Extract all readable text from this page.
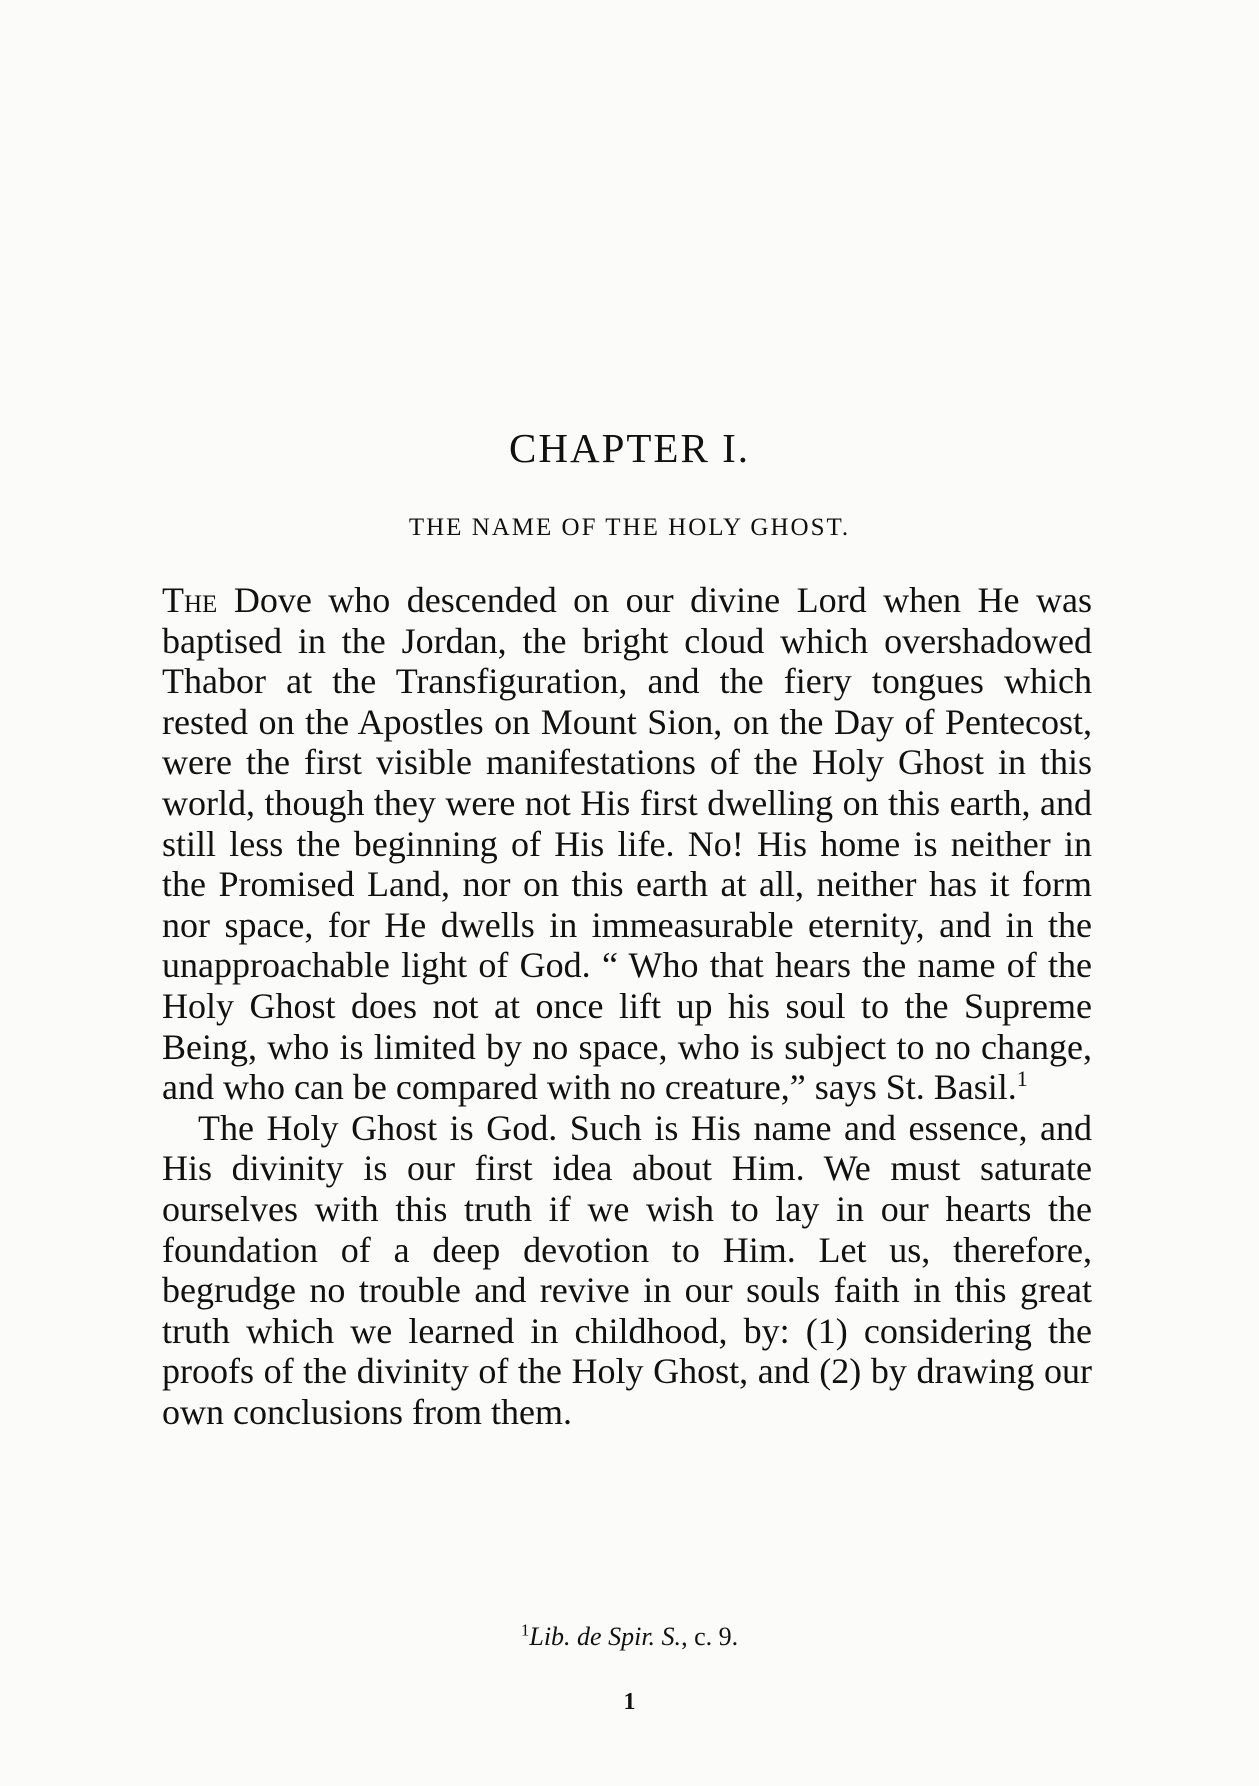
CHAPTER I.
THE NAME OF THE HOLY GHOST.

The Dove who descended on our divine Lord when He was baptised in the Jordan, the bright cloud which overshadowed Thabor at the Transfiguration, and the fiery tongues which rested on the Apostles on Mount Sion, on the Day of Pentecost, were the first visible manifestations of the Holy Ghost in this world, though they were not His first dwelling on this earth, and still less the beginning of His life. No! His home is neither in the Promised Land, nor on this earth at all, neither has it form nor space, for He dwells in immeasurable eternity, and in the unapproachable light of God. “ Who that hears the name of the Holy Ghost does not at once lift up his soul to the Supreme Being, who is limited by no space, who is subject to no change, and who can be compared with no creature,” says St. Basil.$^1$

The Holy Ghost is God. Such is His name and essence, and His divinity is our first idea about Him. We must saturate ourselves with this truth if we wish to lay in our hearts the foundation of a deep devotion to Him. Let us, therefore, begrudge no trouble and revive in our souls faith in this great truth which we learned in childhood, by: (1) considering the proofs of the divinity of the Holy Ghost, and (2) by drawing our own conclusions from them.

$^1$Lib. de Spir. S., c. 9.
1
